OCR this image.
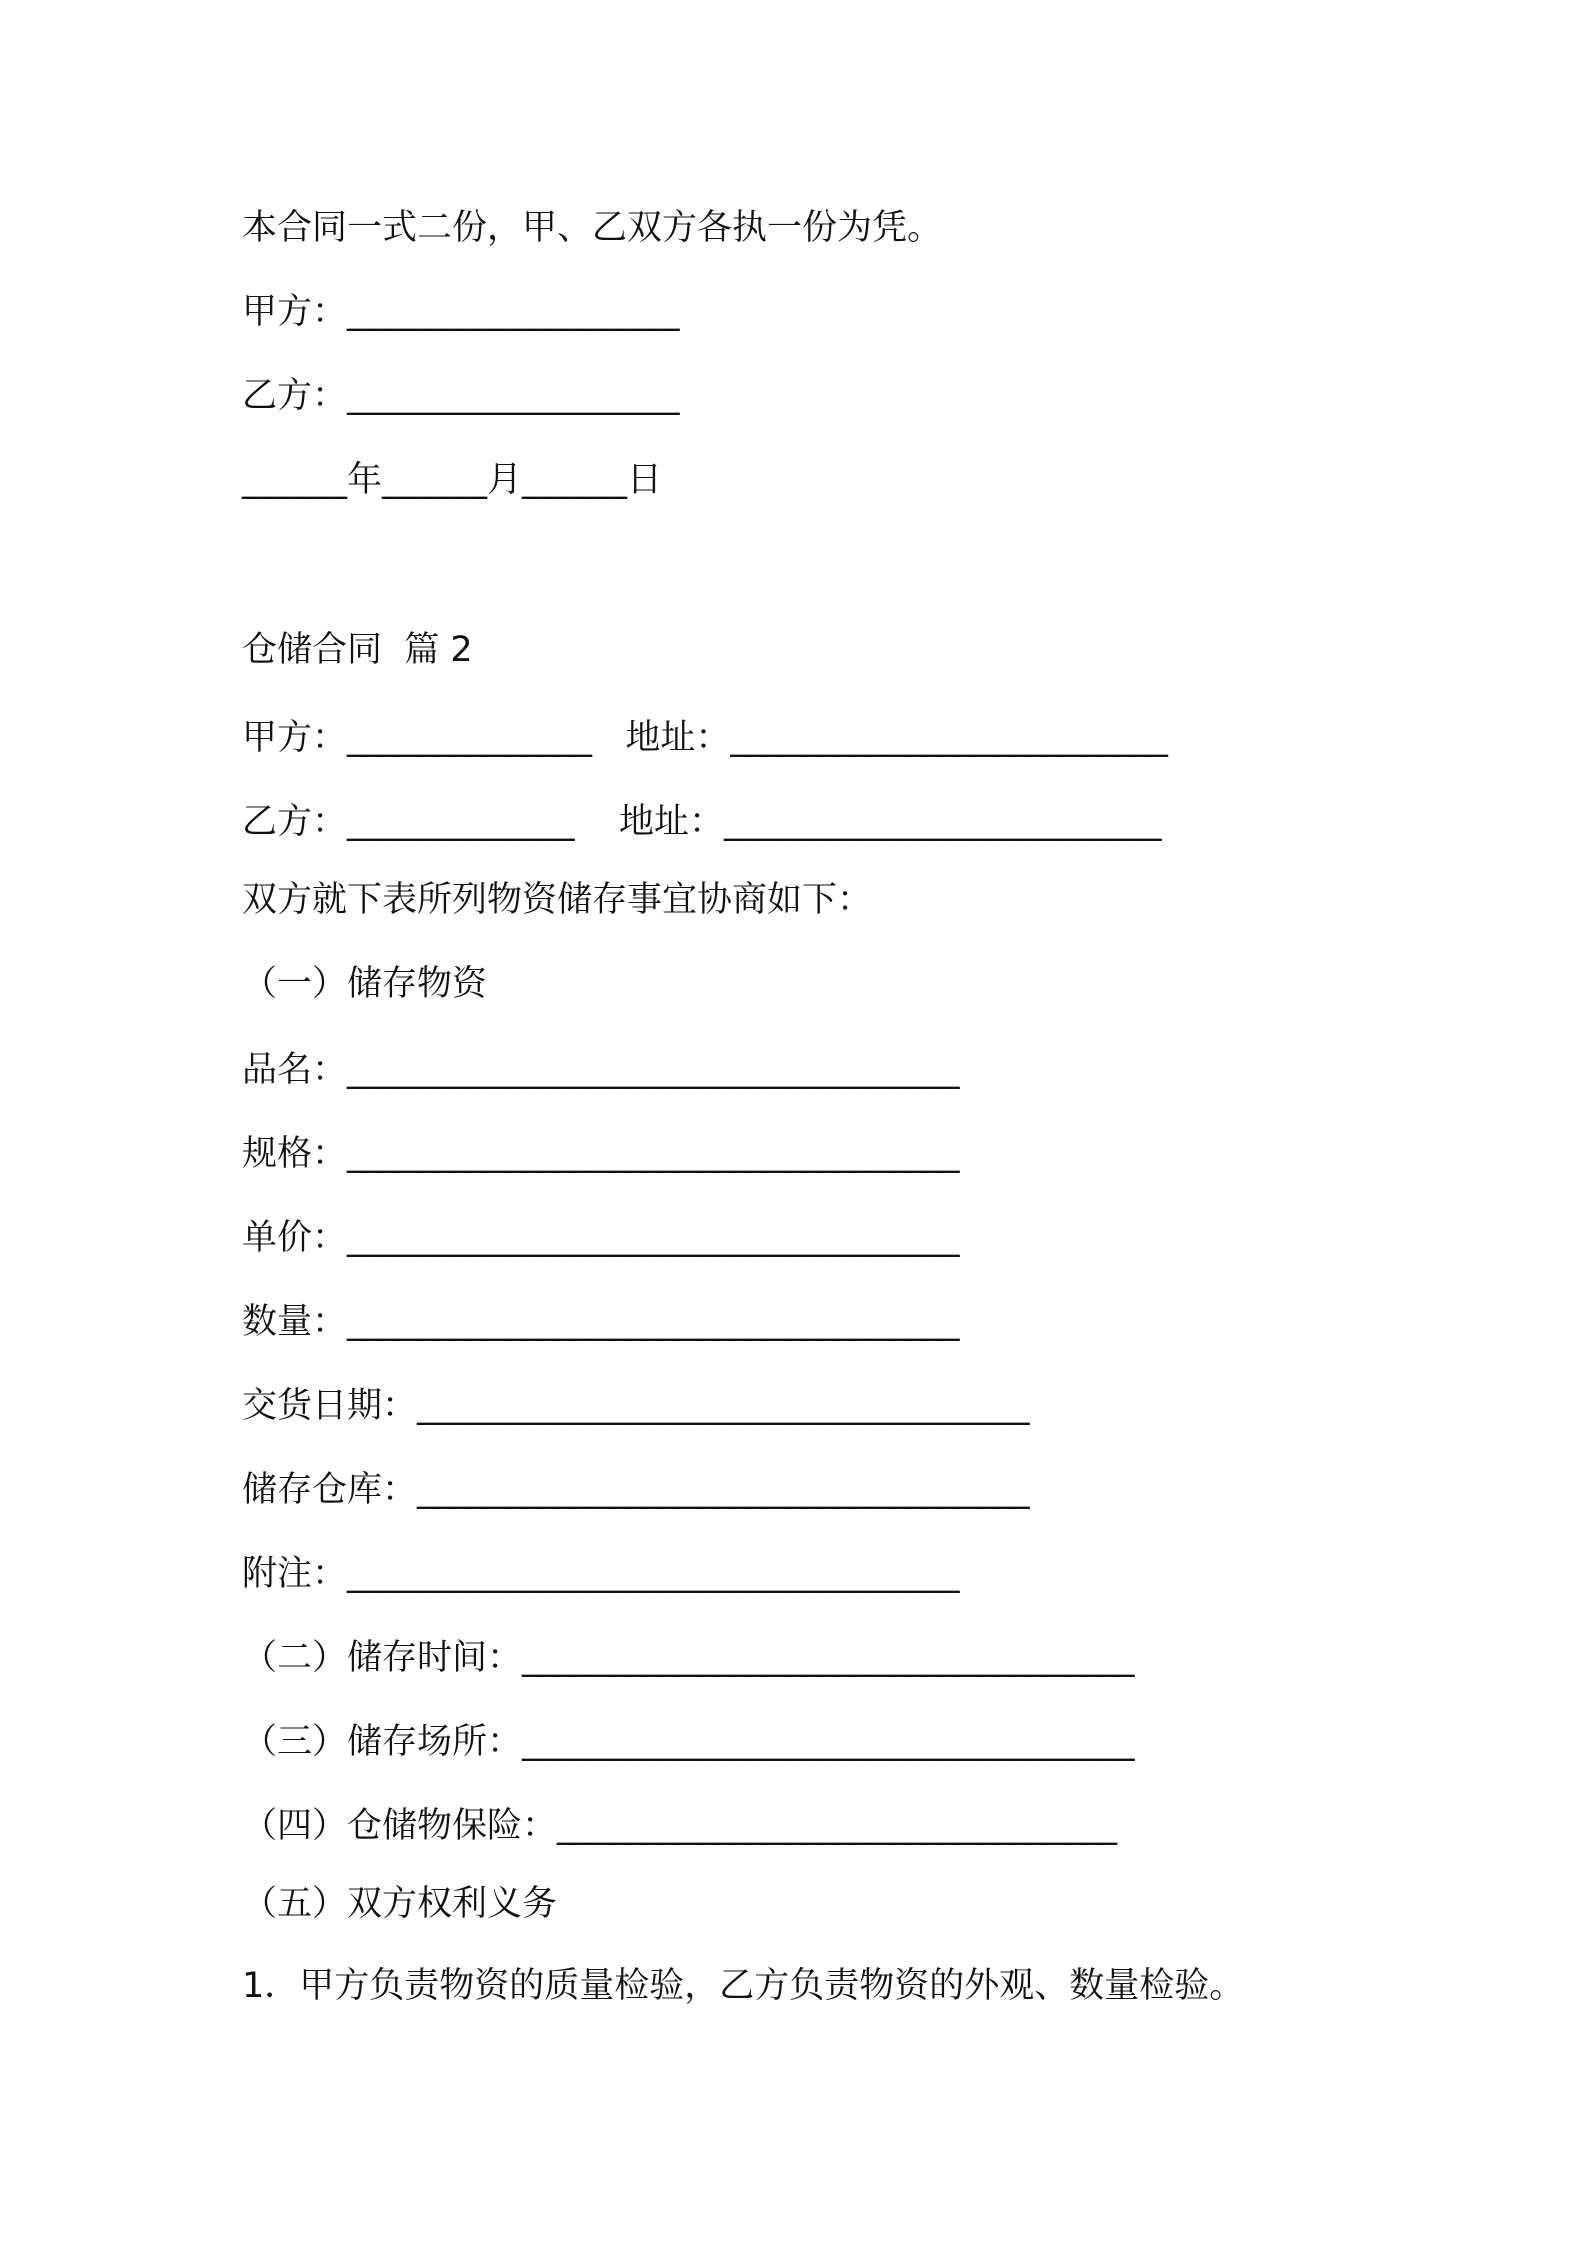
本合同一式二份，甲、乙双方各执一份为凭。

甲方：___________________

乙方：___________________

______年______月______日

仓储合同  篇 2

甲方：______________   地址：_________________________

乙方：_____________    地址：_________________________

双方就下表所列物资储存事宜协商如下：

（一）储存物资

品名：___________________________________

规格：___________________________________

单价：___________________________________

数量：___________________________________

交货日期：___________________________________

储存仓库：___________________________________

附注：___________________________________

（二）储存时间：___________________________________

（三）储存场所：___________________________________

（四）仓储物保险：________________________________

（五）双方权利义务

1．甲方负责物资的质量检验，乙方负责物资的外观、数量检验。
